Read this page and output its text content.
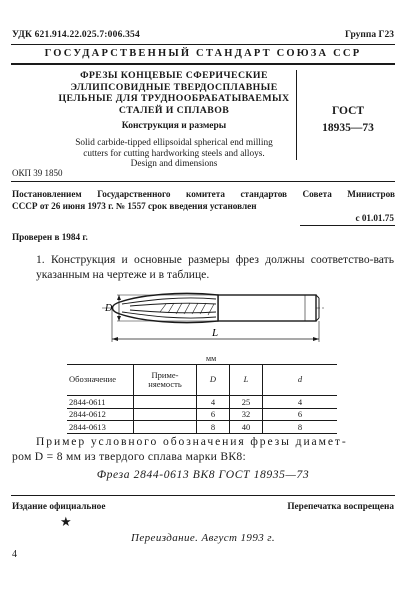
УДК 621.914.22.025.7:006.354	Группа Г23
ГОСУДАРСТВЕННЫЙ СТАНДАРТ СОЮЗА ССР
ФРЕЗЫ КОНЦЕВЫЕ СФЕРИЧЕСКИЕ
ЭЛЛИПСОВИДНЫЕ ТВЕРДОСПЛАВНЫЕ
ЦЕЛЬНЫЕ ДЛЯ ТРУДНООБРАБАТЫВАЕМЫХ
СТАЛЕЙ И СПЛАВОВ
Конструкция и размеры
Solid carbide-tipped ellipsoidal spherical end milling
cutters for cutting hardworking steels and alloys.
Design and dimensions
ГОСТ
18935—73
ОКП 39 1850
Постановлением Государственного комитета стандартов Совета Министров
СССР от 26 июня 1973 г. № 1557 срок введения установлен
с 01.01.75
Проверен в 1984 г.
1. Конструкция и основные размеры фрез должны соответство-вать указанным на чертеже и в таблице.
D
L
мм
Обозначение	Приме-няемость	D	L	d
2844-0611		4	25	4
2844-0612		6	32	6
2844-0613		8	40	8
Пример условного обозначения фрезы диамет-
ром D = 8 мм из твердого сплава марки ВК8:
Фреза 2844-0613 ВК8 ГОСТ 18935—73
Издание официальное	Перепечатка воспрещена
★
Переиздание. Август 1993 г.
4
